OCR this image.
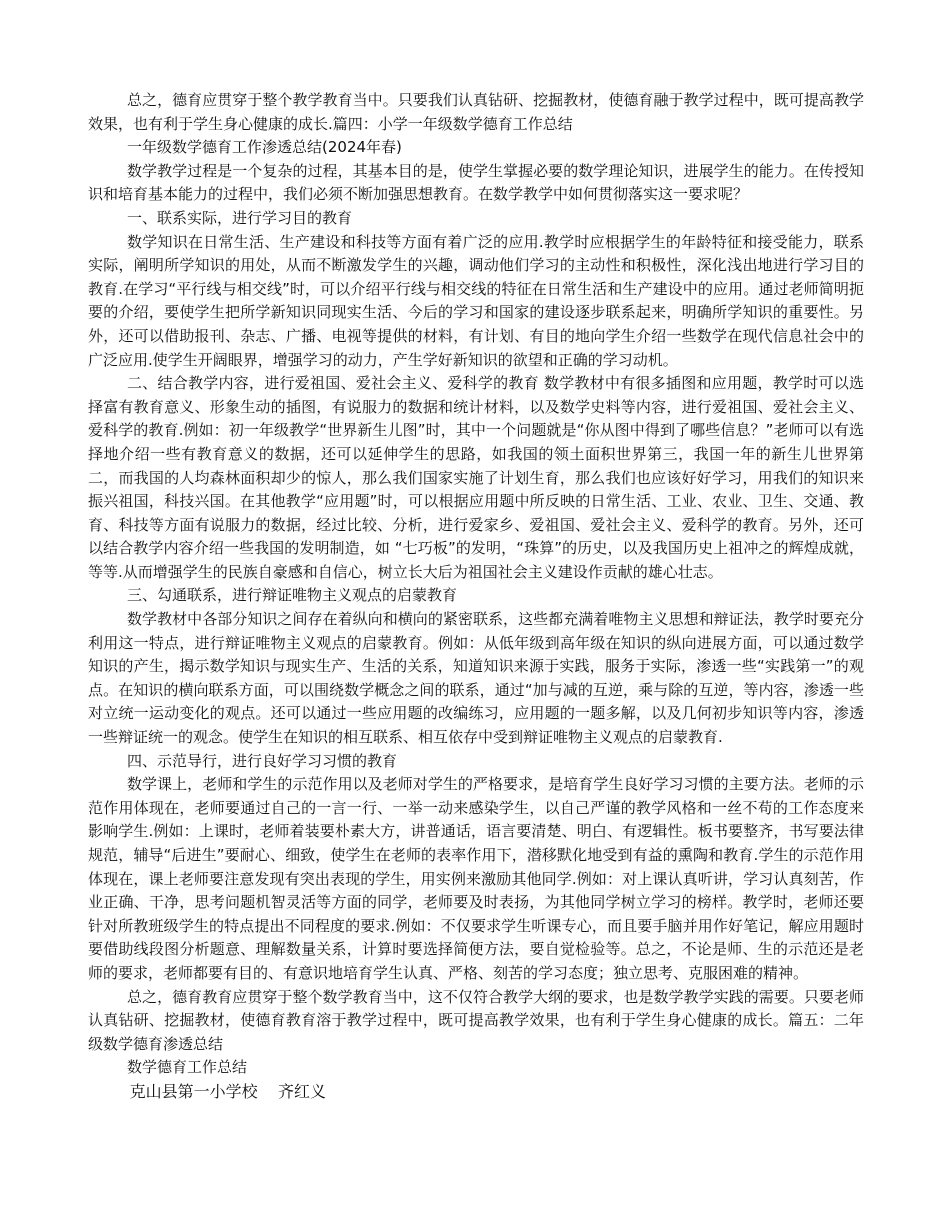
总之，德育应贯穿于整个教学教育当中。只要我们认真钻研、挖掘教材，使德育融于教学过程中，既可提高教学效果，也有利于学生身心健康的成长.篇四：小学一年级数学德育工作总结

一年级数学德育工作渗透总结(2024年春)

数学教学过程是一个复杂的过程，其基本目的是，使学生掌握必要的数学理论知识，进展学生的能力。在传授知识和培育基本能力的过程中，我们必须不断加强思想教育。在数学教学中如何贯彻落实这一要求呢？

一、联系实际，进行学习目的教育

数学知识在日常生活、生产建设和科技等方面有着广泛的应用.教学时应根据学生的年龄特征和接受能力，联系实际，阐明所学知识的用处，从而不断激发学生的兴趣，调动他们学习的主动性和积极性，深化浅出地进行学习目的教育.在学习“平行线与相交线”时，可以介绍平行线与相交线的特征在日常生活和生产建设中的应用。通过老师简明扼要的介绍，要使学生把所学新知识同现实生活、今后的学习和国家的建设逐步联系起来，明确所学知识的重要性。另外，还可以借助报刊、杂志、广播、电视等提供的材料，有计划、有目的地向学生介绍一些数学在现代信息社会中的广泛应用.使学生开阔眼界，增强学习的动力，产生学好新知识的欲望和正确的学习动机。

二、结合教学内容，进行爱祖国、爱社会主义、爱科学的教育 数学教材中有很多插图和应用题，教学时可以选择富有教育意义、形象生动的插图，有说服力的数据和统计材料，以及数学史料等内容，进行爱祖国、爱社会主义、爱科学的教育.例如：初一年级教学“世界新生儿图”时，其中一个问题就是“你从图中得到了哪些信息？”老师可以有选择地介绍一些有教育意义的数据，还可以延伸学生的思路，如我国的领土面积世界第三，我国一年的新生儿世界第二，而我国的人均森林面积却少的惊人，那么我们国家实施了计划生育，那么我们也应该好好学习，用我们的知识来振兴祖国，科技兴国。在其他教学“应用题”时，可以根据应用题中所反映的日常生活、工业、农业、卫生、交通、教育、科技等方面有说服力的数据，经过比较、分析，进行爱家乡、爱祖国、爱社会主义、爱科学的教育。另外，还可以结合教学内容介绍一些我国的发明制造，如 “七巧板”的发明，“珠算”的历史，以及我国历史上祖冲之的辉煌成就，等等.从而增强学生的民族自豪感和自信心，树立长大后为祖国社会主义建设作贡献的雄心壮志。

三、勾通联系，进行辩证唯物主义观点的启蒙教育

数学教材中各部分知识之间存在着纵向和横向的紧密联系，这些都充满着唯物主义思想和辩证法，教学时要充分利用这一特点，进行辩证唯物主义观点的启蒙教育。例如：从低年级到高年级在知识的纵向进展方面，可以通过数学知识的产生，揭示数学知识与现实生产、生活的关系，知道知识来源于实践，服务于实际，渗透一些“实践第一”的观点。在知识的横向联系方面，可以围绕数学概念之间的联系，通过“加与减的互逆，乘与除的互逆，等内容，渗透一些对立统一运动变化的观点。还可以通过一些应用题的改编练习，应用题的一题多解，以及几何初步知识等内容，渗透一些辩证统一的观念。使学生在知识的相互联系、相互依存中受到辩证唯物主义观点的启蒙教育.

四、示范导行，进行良好学习习惯的教育

数学课上，老师和学生的示范作用以及老师对学生的严格要求，是培育学生良好学习习惯的主要方法。老师的示范作用体现在，老师要通过自己的一言一行、一举一动来感染学生，以自己严谨的教学风格和一丝不苟的工作态度来影响学生.例如：上课时，老师着装要朴素大方，讲普通话，语言要清楚、明白、有逻辑性。板书要整齐，书写要法律规范，辅导“后进生”要耐心、细致，使学生在老师的表率作用下，潜移默化地受到有益的熏陶和教育.学生的示范作用体现在，课上老师要注意发现有突出表现的学生，用实例来激励其他同学.例如：对上课认真听讲，学习认真刻苦，作业正确、干净，思考问题机智灵活等方面的同学，老师要及时表扬，为其他同学树立学习的榜样。教学时，老师还要针对所教班级学生的特点提出不同程度的要求.例如：不仅要求学生听课专心，而且要手脑并用作好笔记，解应用题时要借助线段图分析题意、理解数量关系，计算时要选择简便方法，要自觉检验等。总之，不论是师、生的示范还是老师的要求，老师都要有目的、有意识地培育学生认真、严格、刻苦的学习态度；独立思考、克服困难的精神。

总之，德育教育应贯穿于整个数学教育当中，这不仅符合教学大纲的要求，也是数学教学实践的需要。只要老师认真钻研、挖掘教材，使德育教育溶于教学过程中，既可提高教学效果，也有利于学生身心健康的成长。篇五：二年级数学德育渗透总结

数学德育工作总结

克山县第一小学校 齐红义
